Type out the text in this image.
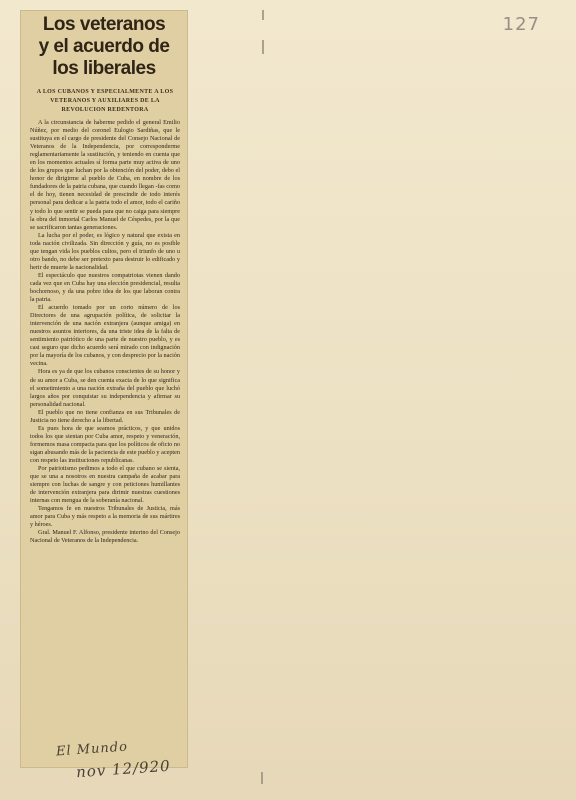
127
Los veteranos
y el acuerdo de
los liberales
A LOS CUBANOS Y ESPECIALMENTE A LOS VETERANOS Y AUXILIARES DE LA REVOLUCION REDENTORA

A la circunstancia de haberme pedido el general Emilio Núñez, por medio del coronel Eulogio Sardiñas, que le sustituya en el cargo de presidente del Consejo Nacional de Veteranos de la Independencia, por corresponderme reglamentariamente la sustitución, y teniendo en cuenta que en los momentos actuales sí forma parte muy activa de uno de los grupos que luchan por la obtención del poder, debo el honor de dirigirme al pueblo de Cuba, en nombre de los fundadores de la patria cubana, que cuando llegan -fas como el de hoy, tienen necesidad de prescindir de todo interés personal para dedicar a la patria todo el amor, todo el cariño y todo lo que sentir se pueda para que no caiga para siempre la obra del inmortal Carlos Manuel de Céspedes, por la que se sacrificaron tantas generaciones.

La lucha por el poder, es lógico y natural que exista en toda nación civilizada. Sin dirección y guía, no es posible que tengan vida los pueblos cultos, pero el triunfo de uno u otro bando, no debe ser pretexto para destruir lo edificado y herir de muerte la nacionalidad.

El espectáculo que nuestros compatriotas vienen dando cada vez que en Cuba hay una elección presidencial, resulta bochornoso, y da una pobre idea de los que laboran contra la patria.

El acuerdo tomado por un corto número de los Directores de una agrupación política, de solicitar la intervención de una nación extranjera (aunque amiga) en nuestros asuntos interiores, da una triste idea de la falta de sentimiento patriótico de una parte de nuestro pueblo, y es casi seguro que dicho acuerdo será mirado con indignación por la mayoría de los cubanos, y con desprecio por la nación vecina.

Hora es ya de que los cubanos conscientes de su honor y de su amor a Cuba, se den cuenta exacta de lo que significa el sometimiento a una nación extraña del pueblo que luchó largos años por conquistar su independencia y afirmar su personalidad nacional.

El pueblo que no tiene confianza en sus Tribunales de Justicia no tiene derecho a la libertad.

Es pues hora de que seamos prácticos, y que unidos todos los que sientan por Cuba amor, respeto y veneración, formemos masa compacta para que los políticos de oficio no sigan abusando más de la paciencia de este pueblo y acepten con respeto las instituciones republicanas.

Por patriotismo pedimos a todo el que cubano se sienta, que se una a nosotros en nuestra campaña de acabar para siempre con luchas de sangre y con peticiones humillantes de intervención extranjera para dirimir nuestras cuestiones internas con mengua de la soberanía nacional.

Tengamos fe en nuestros Tribunales de Justicia, más amor para Cuba y más respeto a la memoria de sus mártires y héroes.

Gral. Manuel F. Alfonso, presidente interino del Consejo Nacional de Veteranos de la Independencia.

El Mundo
nov 12/920
